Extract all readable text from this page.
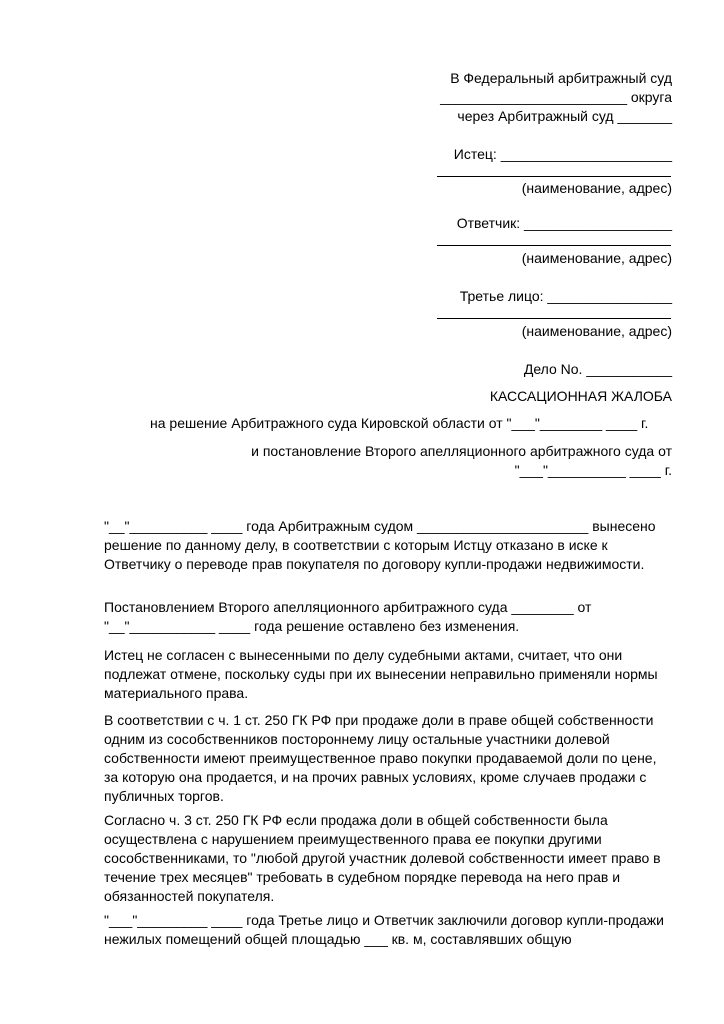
В Федеральный арбитражный суд
________________________ округа
через Арбитражный суд _______
Истец: ______________________
(наименование, адрес)
Ответчик: ___________________
(наименование, адрес)
Третье лицо: ________________
(наименование, адрес)
Дело No. ___________
КАССАЦИОННАЯ ЖАЛОБА
на решение Арбитражного суда Кировской области от "___"________ ____ г.
и постановление Второго апелляционного арбитражного суда от
"___"__________ ____ г.

"__"__________ ____ года Арбитражным судом ______________________ вынесено решение по данному делу, в соответствии с которым Истцу отказано в иске к Ответчику о переводе прав покупателя по договору купли-продажи недвижимости.

Постановлением Второго апелляционного арбитражного суда ________ от "__"___________ ____ года решение оставлено без изменения.

Истец не согласен с вынесенными по делу судебными актами, считает, что они подлежат отмене, поскольку суды при их вынесении неправильно применяли нормы материального права.

В соответствии с ч. 1 ст. 250 ГК РФ при продаже доли в праве общей собственности одним из сособственников постороннему лицу остальные участники долевой собственности имеют преимущественное право покупки продаваемой доли по цене, за которую она продается, и на прочих равных условиях, кроме случаев продажи с публичных торгов.

Согласно ч. 3 ст. 250 ГК РФ если продажа доли в общей собственности была осуществлена с нарушением преимущественного права ее покупки другими сособственниками, то "любой другой участник долевой собственности имеет право в течение трех месяцев" требовать в судебном порядке перевода на него прав и обязанностей покупателя.

"___"_________ ____ года Третье лицо и Ответчик заключили договор купли-продажи нежилых помещений общей площадью ___ кв. м, составлявших общую
